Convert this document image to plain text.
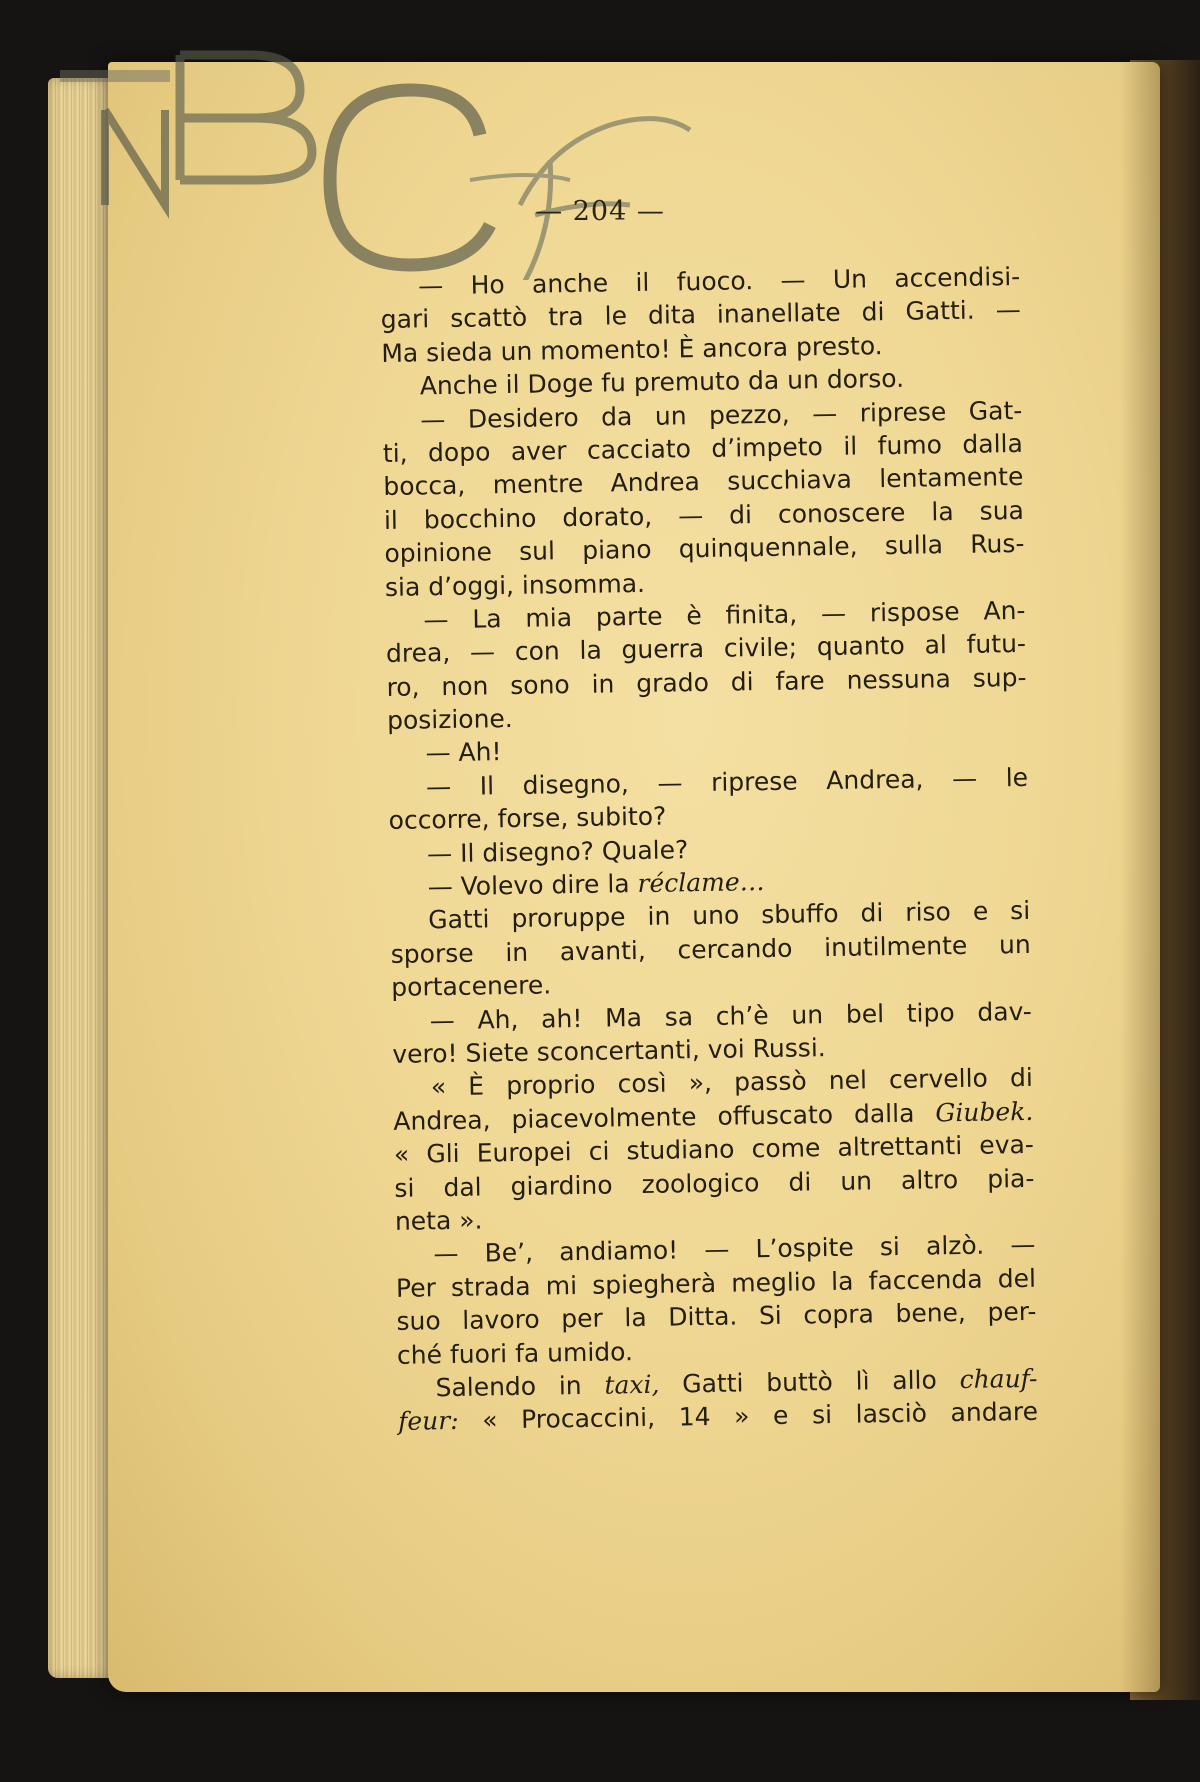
— 204 —
— Ho anche il fuoco. — Un accendisi-
gari scattò tra le dita inanellate di Gatti. —
Ma sieda un momento! È ancora presto.
Anche il Doge fu premuto da un dorso.
— Desidero da un pezzo, — riprese Gat-
ti, dopo aver cacciato d’impeto il fumo dalla
bocca, mentre Andrea succhiava lentamente
il bocchino dorato, — di conoscere la sua
opinione sul piano quinquennale, sulla Rus-
sia d’oggi, insomma.
— La mia parte è finita, — rispose An-
drea, — con la guerra civile; quanto al futu-
ro, non sono in grado di fare nessuna sup-
posizione.
— Ah!
— Il disegno, — riprese Andrea, — le
occorre, forse, subito?
— Il disegno? Quale?
— Volevo dire la réclame…
Gatti proruppe in uno sbuffo di riso e si
sporse in avanti, cercando inutilmente un
portacenere.
— Ah, ah! Ma sa ch’è un bel tipo dav-
vero! Siete sconcertanti, voi Russi.
« È proprio così », passò nel cervello di
Andrea, piacevolmente offuscato dalla Giubek.
« Gli Europei ci studiano come altrettanti eva-
si dal giardino zoologico di un altro pia-
neta ».
— Be’, andiamo! — L’ospite si alzò. —
Per strada mi spiegherà meglio la faccenda del
suo lavoro per la Ditta. Si copra bene, per-
ché fuori fa umido.
Salendo in taxi, Gatti buttò lì allo chauf-
feur: « Procaccini, 14 » e si lasciò andare
